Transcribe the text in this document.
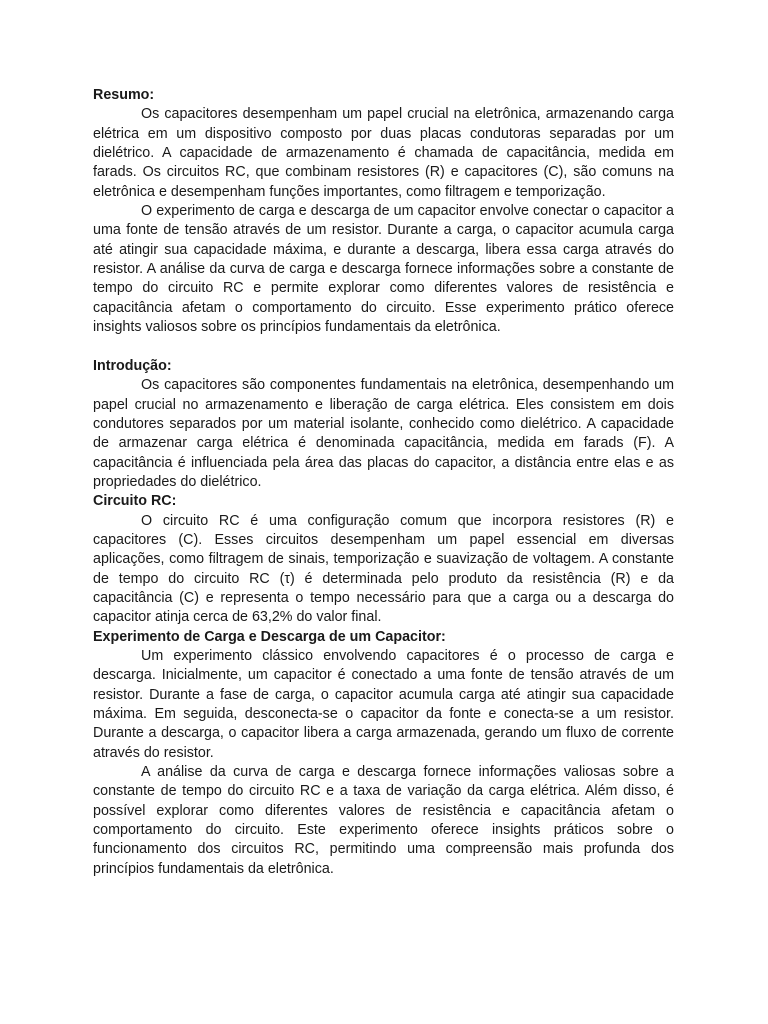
Resumo:

Os capacitores desempenham um papel crucial na eletrônica, armazenando carga elétrica em um dispositivo composto por duas placas condutoras separadas por um dielétrico. A capacidade de armazenamento é chamada de capacitância, medida em farads. Os circuitos RC, que combinam resistores (R) e capacitores (C), são comuns na eletrônica e desempenham funções importantes, como filtragem e temporização.

O experimento de carga e descarga de um capacitor envolve conectar o capacitor a uma fonte de tensão através de um resistor. Durante a carga, o capacitor acumula carga até atingir sua capacidade máxima, e durante a descarga, libera essa carga através do resistor. A análise da curva de carga e descarga fornece informações sobre a constante de tempo do circuito RC e permite explorar como diferentes valores de resistência e capacitância afetam o comportamento do circuito. Esse experimento prático oferece insights valiosos sobre os princípios fundamentais da eletrônica.

Introdução:

Os capacitores são componentes fundamentais na eletrônica, desempenhando um papel crucial no armazenamento e liberação de carga elétrica. Eles consistem em dois condutores separados por um material isolante, conhecido como dielétrico. A capacidade de armazenar carga elétrica é denominada capacitância, medida em farads (F). A capacitância é influenciada pela área das placas do capacitor, a distância entre elas e as propriedades do dielétrico.

Circuito RC:

O circuito RC é uma configuração comum que incorpora resistores (R) e capacitores (C). Esses circuitos desempenham um papel essencial em diversas aplicações, como filtragem de sinais, temporização e suavização de voltagem. A constante de tempo do circuito RC (τ) é determinada pelo produto da resistência (R) e da capacitância (C) e representa o tempo necessário para que a carga ou a descarga do capacitor atinja cerca de 63,2% do valor final.

Experimento de Carga e Descarga de um Capacitor:

Um experimento clássico envolvendo capacitores é o processo de carga e descarga. Inicialmente, um capacitor é conectado a uma fonte de tensão através de um resistor. Durante a fase de carga, o capacitor acumula carga até atingir sua capacidade máxima. Em seguida, desconecta-se o capacitor da fonte e conecta-se a um resistor. Durante a descarga, o capacitor libera a carga armazenada, gerando um fluxo de corrente através do resistor.

A análise da curva de carga e descarga fornece informações valiosas sobre a constante de tempo do circuito RC e a taxa de variação da carga elétrica. Além disso, é possível explorar como diferentes valores de resistência e capacitância afetam o comportamento do circuito. Este experimento oferece insights práticos sobre o funcionamento dos circuitos RC, permitindo uma compreensão mais profunda dos princípios fundamentais da eletrônica.
